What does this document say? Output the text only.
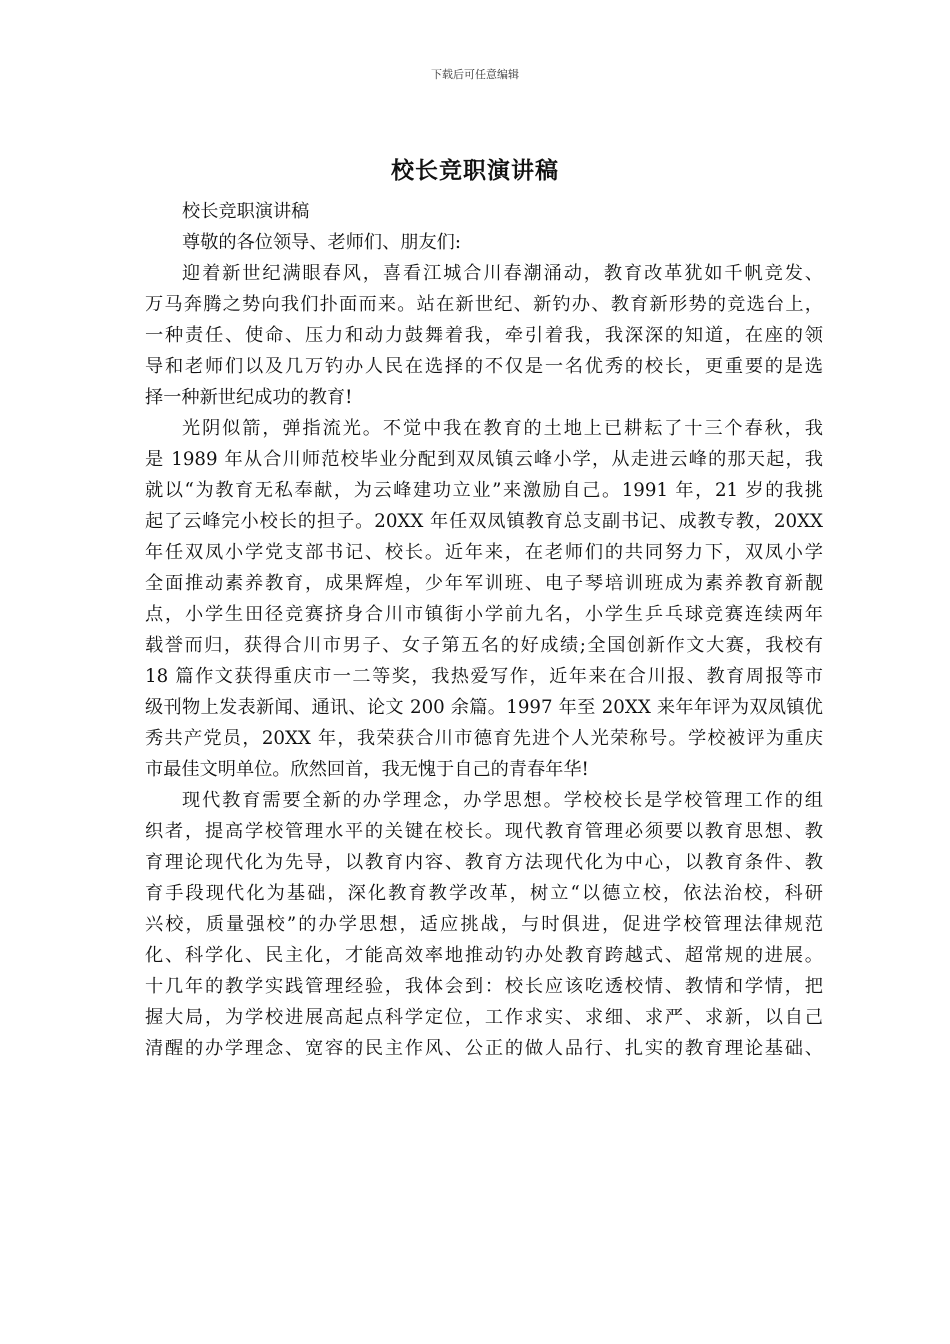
下载后可任意编辑
校长竞职演讲稿
校长竞职演讲稿
尊敬的各位领导、老师们、朋友们:
迎着新世纪满眼春风，喜看江城合川春潮涌动，教育改革犹如千帆竞发、
万马奔腾之势向我们扑面而来。站在新世纪、新钓办、教育新形势的竞选台上，
一种责任、使命、压力和动力鼓舞着我，牵引着我，我深深的知道，在座的领
导和老师们以及几万钓办人民在选择的不仅是一名优秀的校长，更重要的是选
择一种新世纪成功的教育!
光阴似箭，弹指流光。不觉中我在教育的土地上已耕耘了十三个春秋，我
是 1989 年从合川师范校毕业分配到双凤镇云峰小学，从走进云峰的那天起，我
就以“为教育无私奉献，为云峰建功立业”来激励自己。1991 年，21 岁的我挑
起了云峰完小校长的担子。20XX 年任双凤镇教育总支副书记、成教专教，20XX
年任双凤小学党支部书记、校长。近年来，在老师们的共同努力下，双凤小学
全面推动素养教育，成果辉煌，少年军训班、电子琴培训班成为素养教育新靓
点，小学生田径竞赛挤身合川市镇街小学前九名，小学生乒乓球竞赛连续两年
载誉而归，获得合川市男子、女子第五名的好成绩;全国创新作文大赛，我校有
18 篇作文获得重庆市一二等奖，我热爱写作，近年来在合川报、教育周报等市
级刊物上发表新闻、通讯、论文 200 余篇。1997 年至 20XX 来年年评为双凤镇优
秀共产党员，20XX 年，我荣获合川市德育先进个人光荣称号。学校被评为重庆
市最佳文明单位。欣然回首，我无愧于自己的青春年华!
现代教育需要全新的办学理念，办学思想。学校校长是学校管理工作的组
织者，提高学校管理水平的关键在校长。现代教育管理必须要以教育思想、教
育理论现代化为先导，以教育内容、教育方法现代化为中心，以教育条件、教
育手段现代化为基础，深化教育教学改革，树立“以德立校，依法治校，科研
兴校，质量强校”的办学思想，适应挑战，与时俱进，促进学校管理法律规范
化、科学化、民主化，才能高效率地推动钓办处教育跨越式、超常规的进展。
十几年的教学实践管理经验，我体会到：校长应该吃透校情、教情和学情，把
握大局，为学校进展高起点科学定位，工作求实、求细、求严、求新，以自己
清醒的办学理念、宽容的民主作风、公正的做人品行、扎实的教育理论基础、
